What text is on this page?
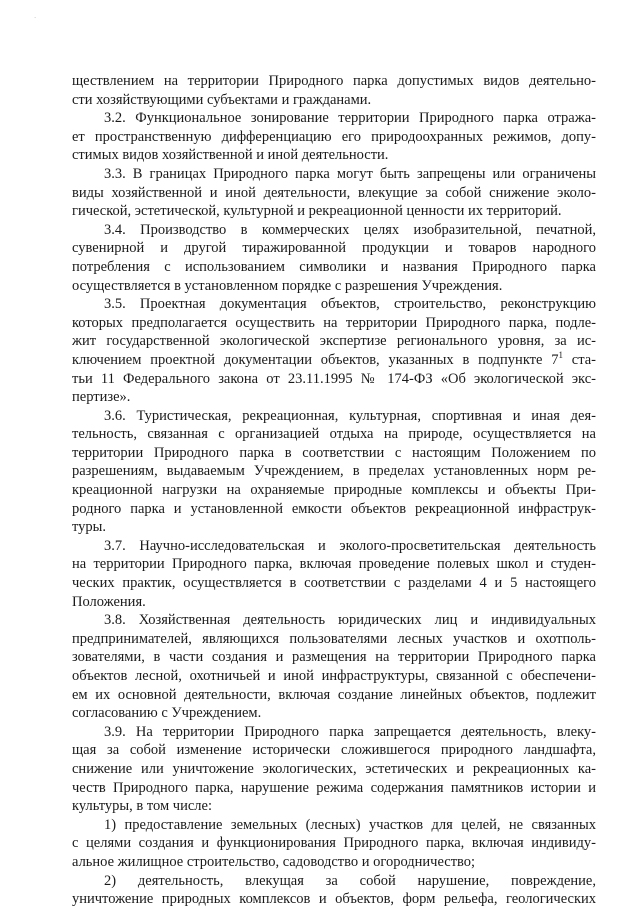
·
ществлением на территории Природного парка допустимых видов деятельно-
сти хозяйствующими субъектами и гражданами.
3.2. Функциональное зонирование территории Природного парка отража-
ет пространственную дифференциацию его природоохранных режимов, допу-
стимых видов хозяйственной и иной деятельности.
3.3. В границах Природного парка могут быть запрещены или ограничены
виды хозяйственной и иной деятельности, влекущие за собой снижение эколо-
гической, эстетической, культурной и рекреационной ценности их территорий.
3.4. Производство в коммерческих целях изобразительной, печатной,
сувенирной и другой тиражированной продукции и товаров народного
потребления с использованием символики и названия Природного парка
осуществляется в установленном порядке с разрешения Учреждения.
3.5. Проектная документация объектов, строительство, реконструкцию
которых предполагается осуществить на территории Природного парка, подле-
жит государственной экологической экспертизе регионального уровня, за ис-
ключением проектной документации объектов, указанных в подпункте $7^1$ ста-
тьи 11 Федерального закона от 23.11.1995 № 174-ФЗ «Об экологической экс-
пертизе».
3.6. Туристическая, рекреационная, культурная, спортивная и иная дея-
тельность, связанная с организацией отдыха на природе, осуществляется на
территории Природного парка в соответствии с настоящим Положением по
разрешениям, выдаваемым Учреждением, в пределах установленных норм ре-
креационной нагрузки на охраняемые природные комплексы и объекты При-
родного парка и установленной емкости объектов рекреационной инфраструк-
туры.
3.7. Научно-исследовательская и эколого-просветительская деятельность
на территории Природного парка, включая проведение полевых школ и студен-
ческих практик, осуществляется в соответствии с разделами 4 и 5 настоящего
Положения.
3.8. Хозяйственная деятельность юридических лиц и индивидуальных
предпринимателей, являющихся пользователями лесных участков и охотполь-
зователями, в части создания и размещения на территории Природного парка
объектов лесной, охотничьей и иной инфраструктуры, связанной с обеспечени-
ем их основной деятельности, включая создание линейных объектов, подлежит
согласованию с Учреждением.
3.9. На территории Природного парка запрещается деятельность, влеку-
щая за собой изменение исторически сложившегося природного ландшафта,
снижение или уничтожение экологических, эстетических и рекреационных ка-
честв Природного парка, нарушение режима содержания памятников истории и
культуры, в том числе:
1) предоставление земельных (лесных) участков для целей, не связанных
с целями создания и функционирования Природного парка, включая индивиду-
альное жилищное строительство, садоводство и огородничество;
2) деятельность, влекущая за собой нарушение, повреждение,
уничтожение природных комплексов и объектов, форм рельефа, геологических
